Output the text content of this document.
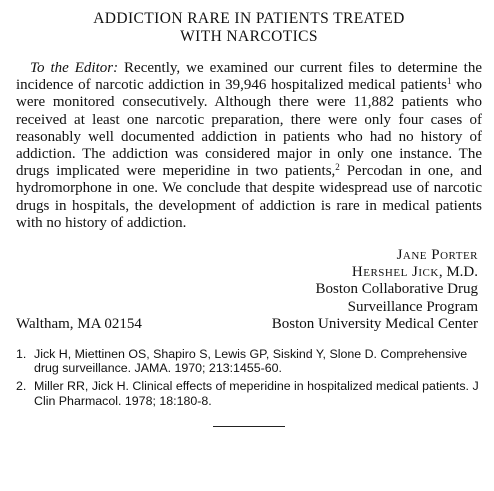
ADDICTION RARE IN PATIENTS TREATED
WITH NARCOTICS

To the Editor: Recently, we examined our current files to determine the incidence of narcotic addiction in 39,946 hospitalized medical patients$^1$ who were monitored consecutively. Although there were 11,882 patients who received at least one narcotic preparation, there were only four cases of reasonably well documented addiction in patients who had no history of addiction. The addiction was considered major in only one instance. The drugs implicated were meperidine in two patients,$^2$ Percodan in one, and hydromorphone in one. We conclude that despite widespread use of narcotic drugs in hospitals, the development of addiction is rare in medical patients with no history of addiction.

Jane Porter
Hershel Jick, M.D.
Boston Collaborative Drug
Surveillance Program
Boston University Medical Center
Waltham, MA 02154
1. Jick H, Miettinen OS, Shapiro S, Lewis GP, Siskind Y, Slone D. Comprehensive drug surveillance. JAMA. 1970; 213:1455-60.
2. Miller RR, Jick H. Clinical effects of meperidine in hospitalized medical patients. J Clin Pharmacol. 1978; 18:180-8.
